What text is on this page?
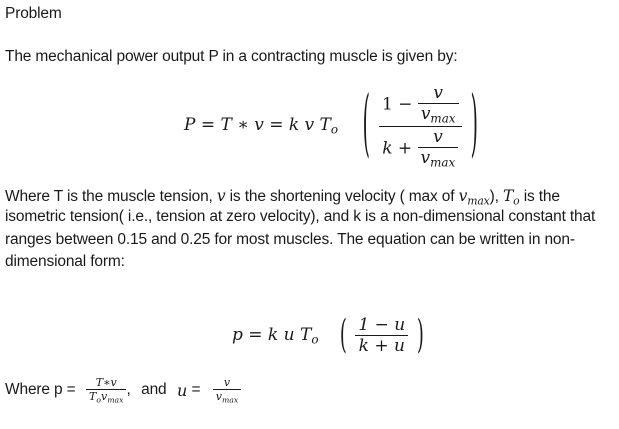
Problem
The mechanical power output P in a contracting muscle is given by:
P = T ∗ v = k v $T_o$ ( $\frac{1 - \frac{v}{v_{max}}}{k + \frac{v}{v_{max}}}$ )
Where T is the muscle tension, v is the shortening velocity ( max of $v_{max}$), $T_o$ is the
isometric tension( i.e., tension at zero velocity), and k is a non-dimensional constant that
ranges between 0.15 and 0.25 for most muscles. The equation can be written in non-
dimensional form:
p = k u $T_o$ ( $\frac{1 - u}{k + u}$ )
Where $p = \frac{T∗v}{T_ov_{max}}$ , and $u = \frac{v}{v_{max}}$
